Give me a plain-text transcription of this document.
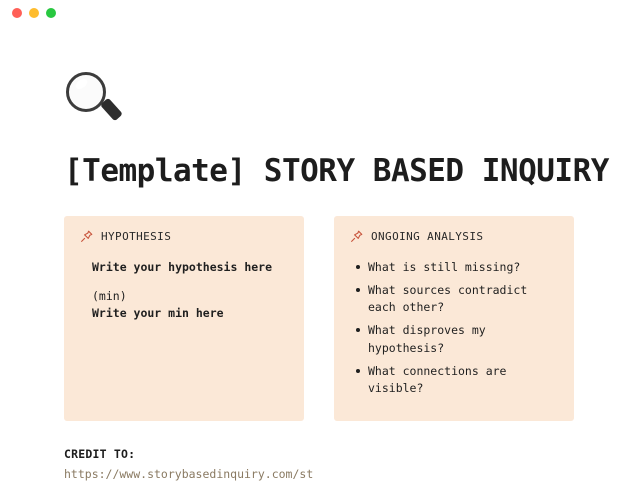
[Template] STORY BASED INQUIRY
HYPOTHESIS
Write your hypothesis here
(min)
Write your min here
ONGOING ANALYSIS
What is still missing?
What sources contradict each other?
What disproves my hypothesis?
What connections are visible?
CREDIT TO:
https://www.storybasedinquiry.com/st
